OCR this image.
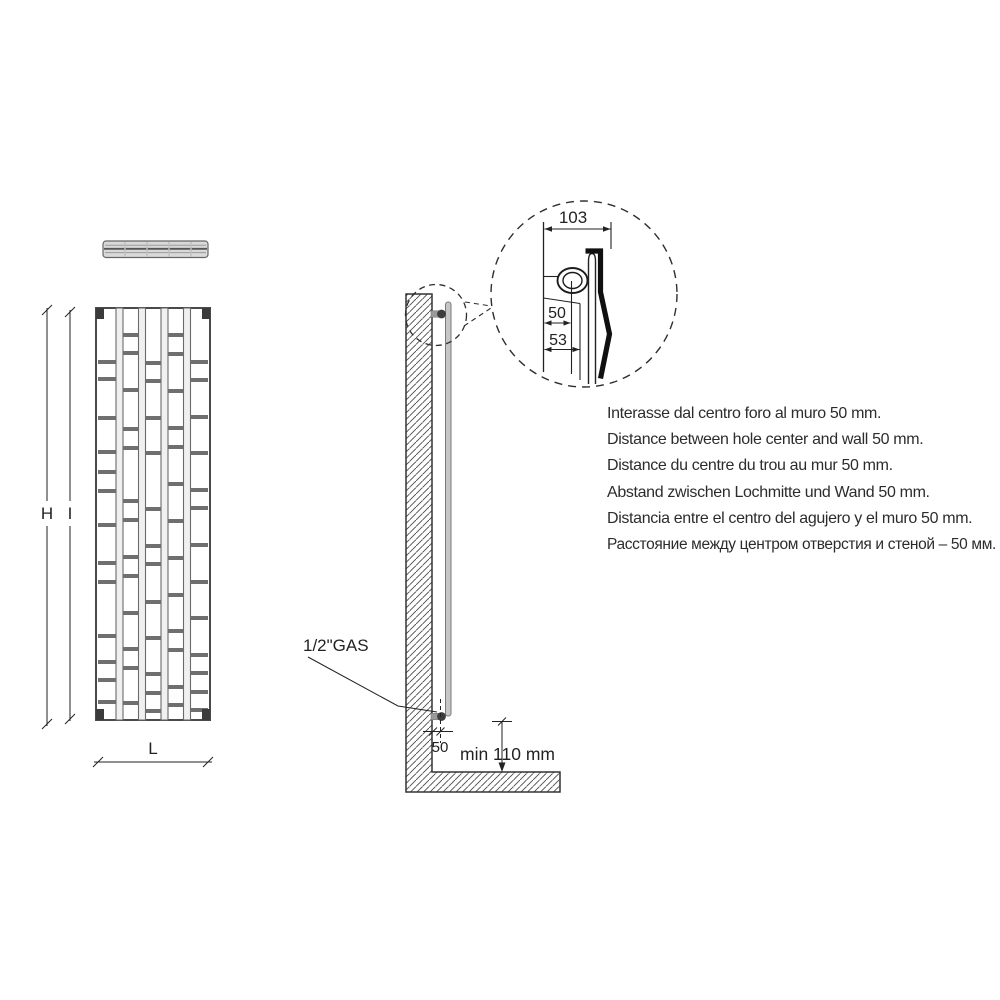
H I
L
103
50
53
50 min 110 mm
1/2"GAS
Interasse dal centro foro al muro 50 mm.
Distance between hole center and wall 50 mm.
Distance du centre du trou au mur 50 mm.
Abstand zwischen Lochmitte und Wand 50 mm.
Distancia entre el centro del agujero y el muro 50 mm.
Расстояние между центром отверстия и стеной – 50 мм.
